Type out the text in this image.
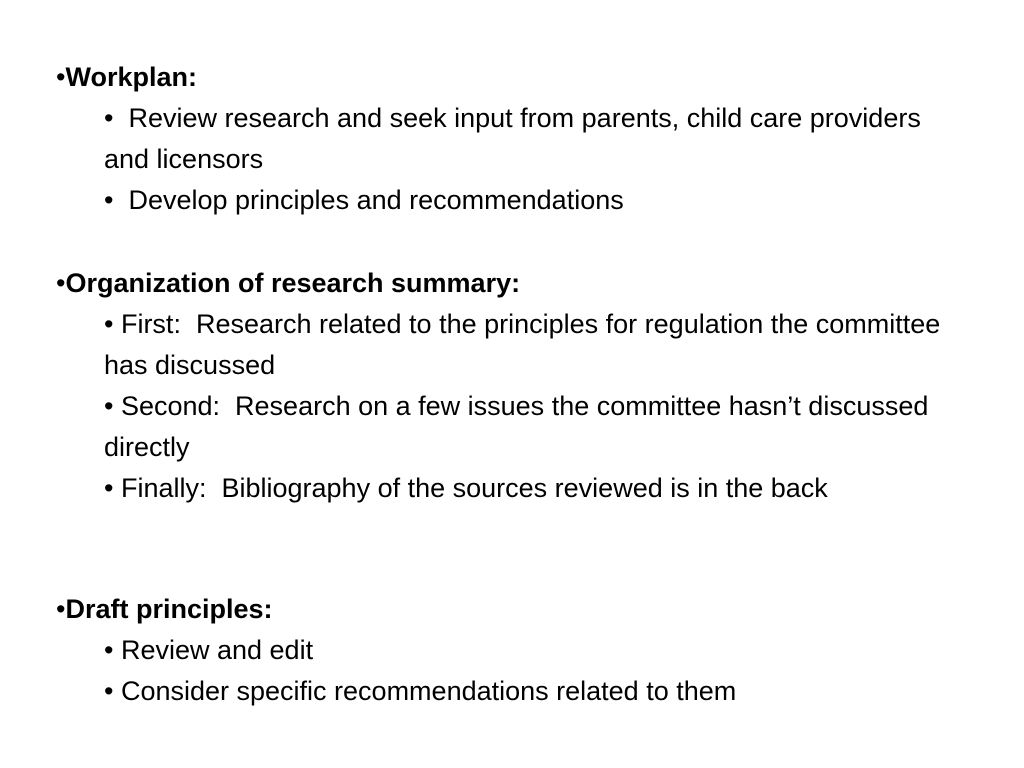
•Workplan:
•  Review research and seek input from parents, child care providers and licensors
•  Develop principles and recommendations
•Organization of research summary:
• First:  Research related to the principles for regulation the committee has discussed
• Second:  Research on a few issues the committee hasn’t discussed directly
• Finally:  Bibliography of the sources reviewed is in the back
•Draft principles:
• Review and edit
• Consider specific recommendations related to them
